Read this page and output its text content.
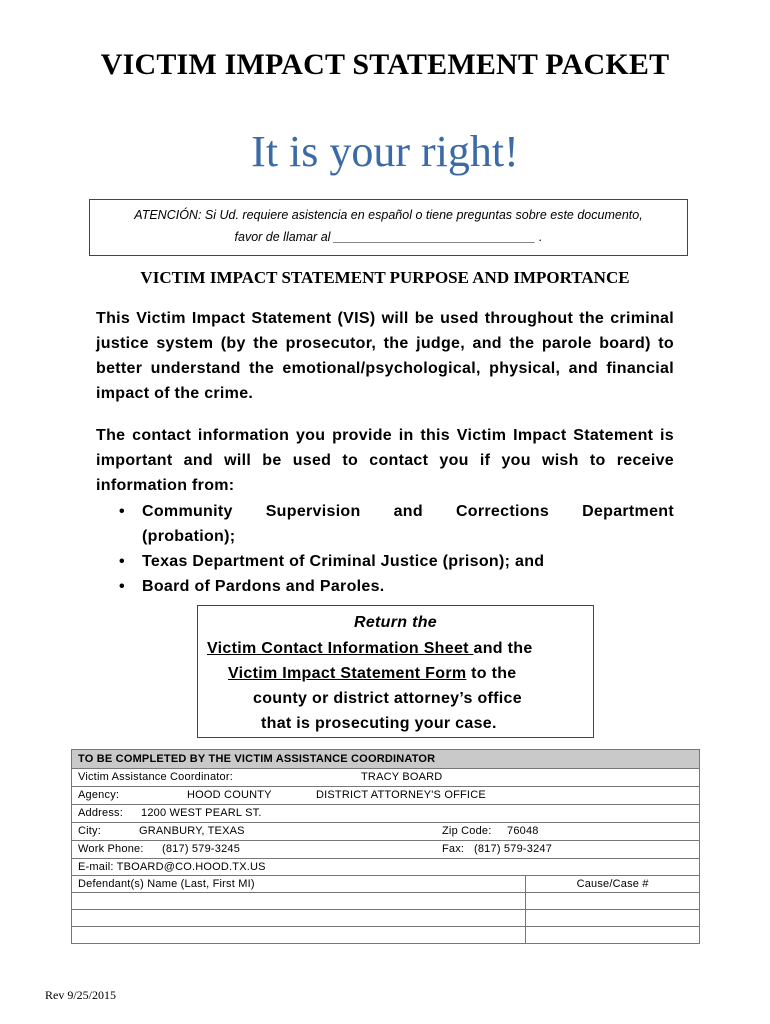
VICTIM IMPACT STATEMENT PACKET
It is your right!
ATENCIÓN: Si Ud. requiere asistencia en español o tiene preguntas sobre este documento,
favor de llamar al _____________________________ .
VICTIM IMPACT STATEMENT PURPOSE AND IMPORTANCE
This Victim Impact Statement (VIS) will be used throughout the criminal justice system (by the prosecutor, the judge, and the parole board) to better understand the emotional/psychological, physical, and financial impact of the crime.
The contact information you provide in this Victim Impact Statement is important and will be used to contact you if you wish to receive information from:
• Community Supervision and Corrections Department
(probation);
• Texas Department of Criminal Justice (prison); and
• Board of Pardons and Paroles.
Return the
Victim Contact Information Sheet and the
Victim Impact Statement Form to the
county or district attorney’s office
that is prosecuting your case.
TO BE COMPLETED BY THE VICTIM ASSISTANCE COORDINATOR	

Victim Assistance Coordinator: TRACY BOARD	

Agency: HOOD COUNTY DISTRICT ATTORNEY'S OFFICE	

Address: 1200 WEST PEARL ST.	

City: GRANBURY, TEXAS Zip Code: 76048	

Work Phone: (817) 579-3245 Fax: (817) 579-3247	

E-mail: TBOARD@CO.HOOD.TX.US	
Defendant(s) Name (Last, First MI)	Cause/Case #

Rev 9/25/2015
